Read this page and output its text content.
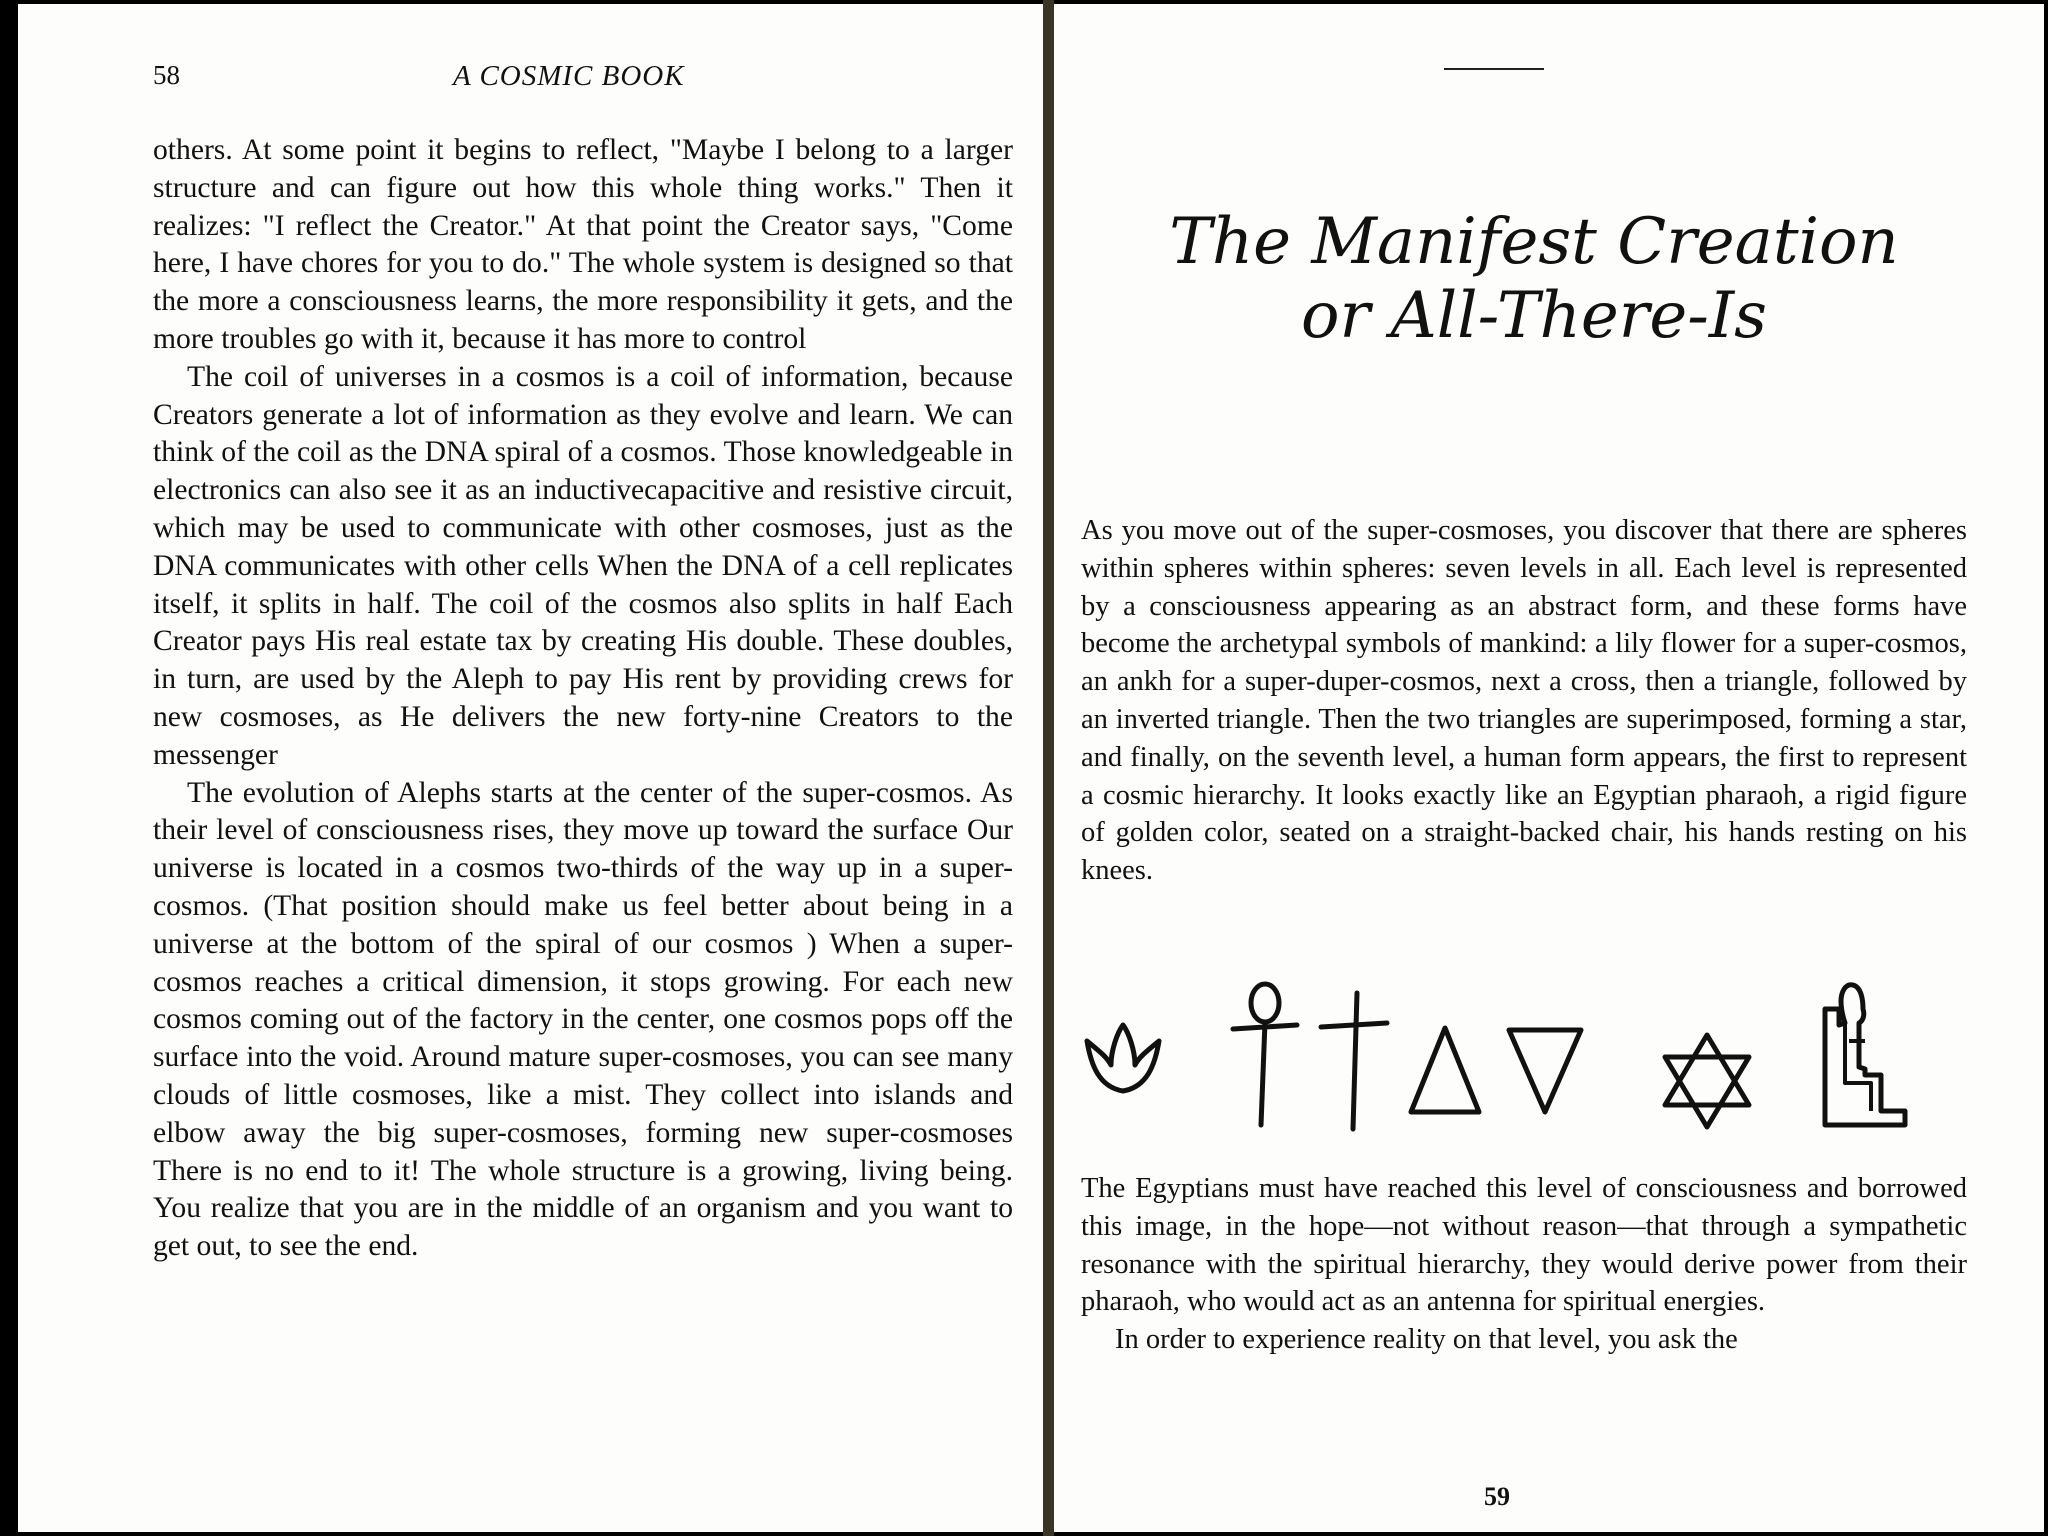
58	A COSMIC BOOK

others. At some point it begins to reflect, "Maybe I belong to a larger structure and can figure out how this whole thing works." Then it realizes: "I reflect the Creator." At that point the Creator says, "Come here, I have chores for you to do." The whole system is designed so that the more a consciousness learns, the more responsibility it gets, and the more troubles go with it, because it has more to control

The coil of universes in a cosmos is a coil of information, because Creators generate a lot of information as they evolve and learn. We can think of the coil as the DNA spiral of a cosmos. Those knowledgeable in electronics can also see it as an inductivecapacitive and resistive circuit, which may be used to communicate with other cosmoses, just as the DNA communicates with other cells When the DNA of a cell replicates itself, it splits in half. The coil of the cosmos also splits in half Each Creator pays His real estate tax by creating His double. These doubles, in turn, are used by the Aleph to pay His rent by providing crews for new cosmoses, as He delivers the new forty-nine Creators to the messenger

The evolution of Alephs starts at the center of the super-cosmos. As their level of consciousness rises, they move up toward the surface Our universe is located in a cosmos two-thirds of the way up in a super-cosmos. (That position should make us feel better about being in a universe at the bottom of the spiral of our cosmos ) When a super-cosmos reaches a critical dimension, it stops growing. For each new cosmos coming out of the factory in the center, one cosmos pops off the surface into the void. Around mature super-cosmoses, you can see many clouds of little cosmoses, like a mist. They collect into islands and elbow away the big super-cosmoses, forming new super-cosmoses There is no end to it! The whole structure is a growing, living being. You realize that you are in the middle of an organism and you want to get out, to see the end.

The Manifest Creation
or All-There-Is

As you move out of the super-cosmoses, you discover that there are spheres within spheres within spheres: seven levels in all. Each level is represented by a consciousness appearing as an abstract form, and these forms have become the archetypal symbols of mankind: a lily flower for a super-cosmos, an ankh for a super-duper-cosmos, next a cross, then a triangle, followed by an inverted triangle. Then the two triangles are superimposed, forming a star, and finally, on the seventh level, a human form appears, the first to represent a cosmic hierarchy. It looks exactly like an Egyptian pharaoh, a rigid figure of golden color, seated on a straight-backed chair, his hands resting on his knees.

The Egyptians must have reached this level of consciousness and borrowed this image, in the hope—not without reason—that through a sympathetic resonance with the spiritual hierarchy, they would derive power from their pharaoh, who would act as an antenna for spiritual energies.

In order to experience reality on that level, you ask the

59
